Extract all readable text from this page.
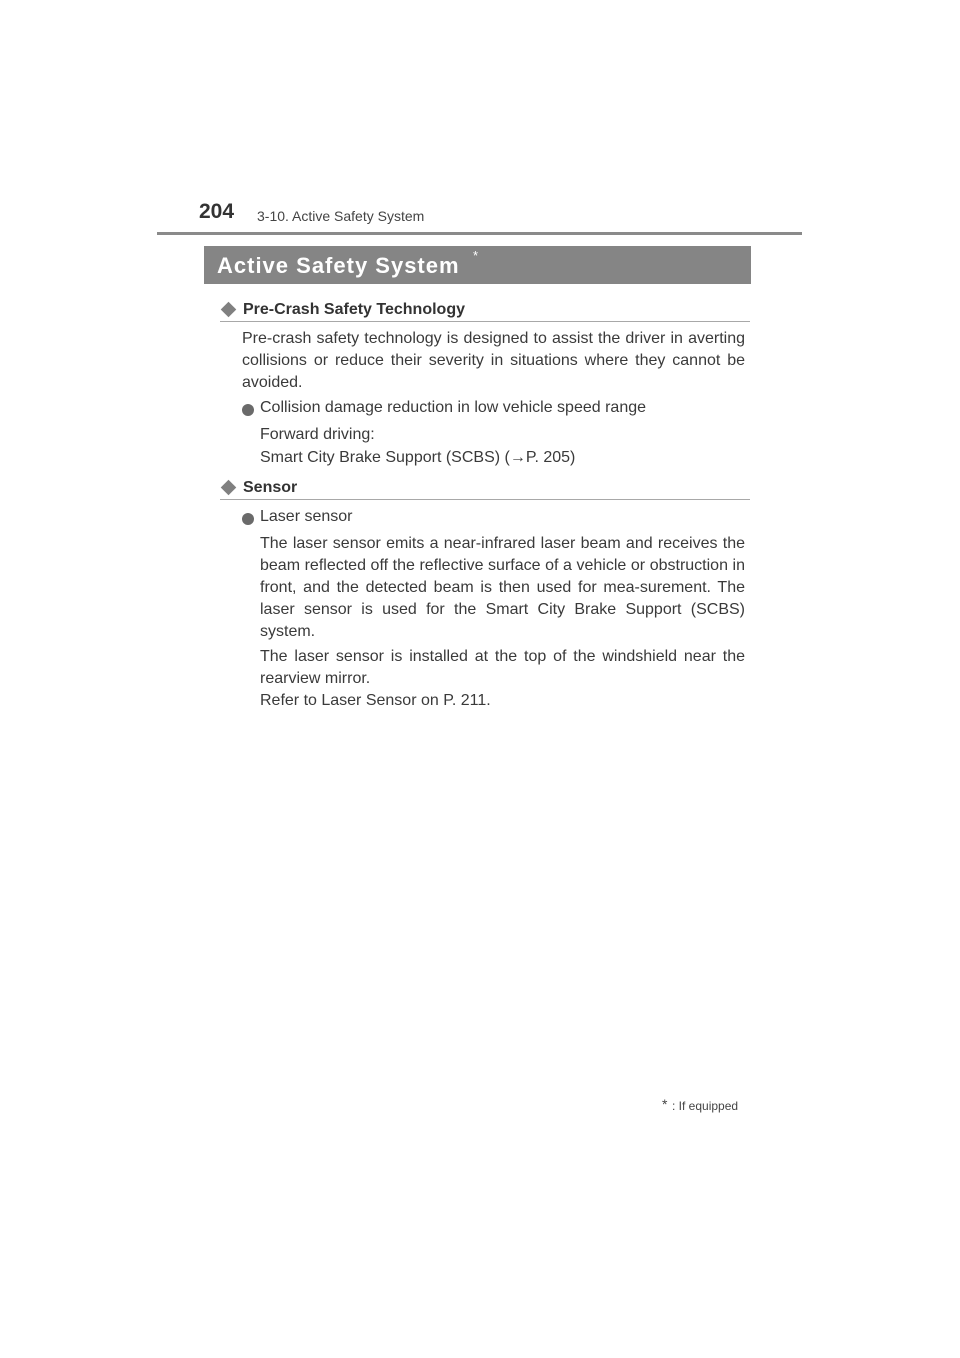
204 3-10. Active Safety System
Active Safety System *
Pre-Crash Safety Technology
Pre-crash safety technology is designed to assist the driver in averting collisions or reduce their severity in situations where they cannot be avoided.
Collision damage reduction in low vehicle speed range
Forward driving:
Smart City Brake Support (SCBS) (→P. 205)
Sensor
Laser sensor
The laser sensor emits a near-infrared laser beam and receives the beam reflected off the reflective surface of a vehicle or obstruction in front, and the detected beam is then used for mea-surement. The laser sensor is used for the Smart City Brake Support (SCBS) system.
The laser sensor is installed at the top of the windshield near the rearview mirror.
Refer to Laser Sensor on P. 211.
* : If equipped
